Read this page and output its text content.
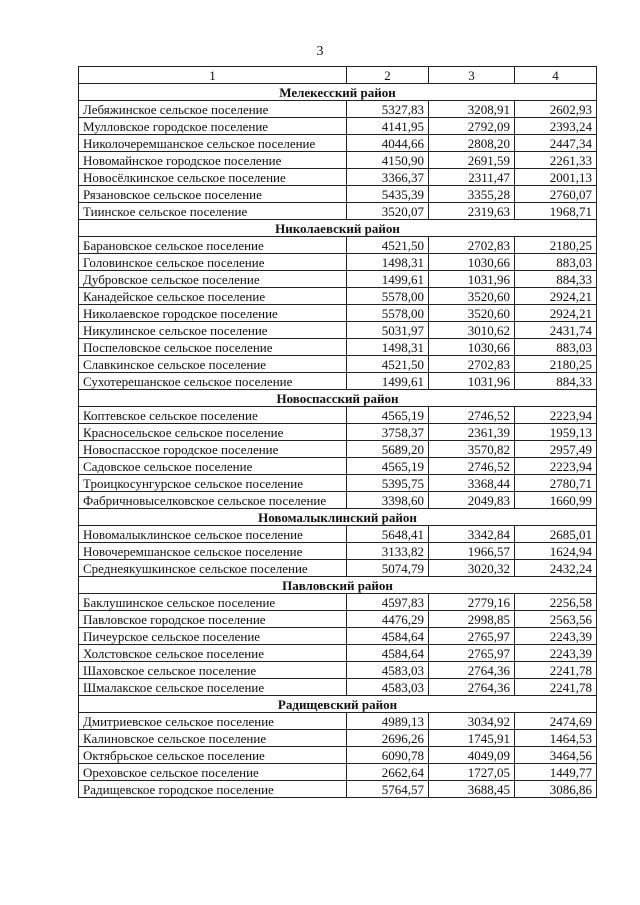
3
1	2	3	4
Мелекесский район			
Лебяжинское сельское поселение	5327,83	3208,91	2602,93
Мулловское городское поселение	4141,95	2792,09	2393,24
Николочеремшанское сельское поселение	4044,66	2808,20	2447,34
Новомайнское городское поселение	4150,90	2691,59	2261,33
Новосёлкинское сельское поселение	3366,37	2311,47	2001,13
Рязановское сельское поселение	5435,39	3355,28	2760,07
Тиинское сельское поселение	3520,07	2319,63	1968,71
Николаевский район			
Барановское сельское поселение	4521,50	2702,83	2180,25
Головинское сельское поселение	1498,31	1030,66	883,03
Дубровское сельское поселение	1499,61	1031,96	884,33
Канадейское сельское поселение	5578,00	3520,60	2924,21
Николаевское городское поселение	5578,00	3520,60	2924,21
Никулинское сельское поселение	5031,97	3010,62	2431,74
Поспеловское сельское поселение	1498,31	1030,66	883,03
Славкинское сельское поселение	4521,50	2702,83	2180,25
Сухотерешанское сельское поселение	1499,61	1031,96	884,33
Новоспасский район			
Коптевское сельское поселение	4565,19	2746,52	2223,94
Красносельское сельское поселение	3758,37	2361,39	1959,13
Новоспасское городское поселение	5689,20	3570,82	2957,49
Садовское сельское поселение	4565,19	2746,52	2223,94
Троицкосунгурское сельское поселение	5395,75	3368,44	2780,71
Фабричновыселковское сельское поселение	3398,60	2049,83	1660,99
Новомалыклинский район			
Новомалыклинское сельское поселение	5648,41	3342,84	2685,01
Новочеремшанское сельское поселение	3133,82	1966,57	1624,94
Среднеякушкинское сельское поселение	5074,79	3020,32	2432,24
Павловский район			
Баклушинское сельское поселение	4597,83	2779,16	2256,58
Павловское городское поселение	4476,29	2998,85	2563,56
Пичеурское сельское поселение	4584,64	2765,97	2243,39
Холстовское сельское поселение	4584,64	2765,97	2243,39
Шаховское сельское поселение	4583,03	2764,36	2241,78
Шмалакское сельское поселение	4583,03	2764,36	2241,78
Радищевский район			
Дмитриевское сельское поселение	4989,13	3034,92	2474,69
Калиновское сельское поселение	2696,26	1745,91	1464,53
Октябрьское сельское поселение	6090,78	4049,09	3464,56
Ореховское сельское поселение	2662,64	1727,05	1449,77
Радищевское городское поселение	5764,57	3688,45	3086,86
